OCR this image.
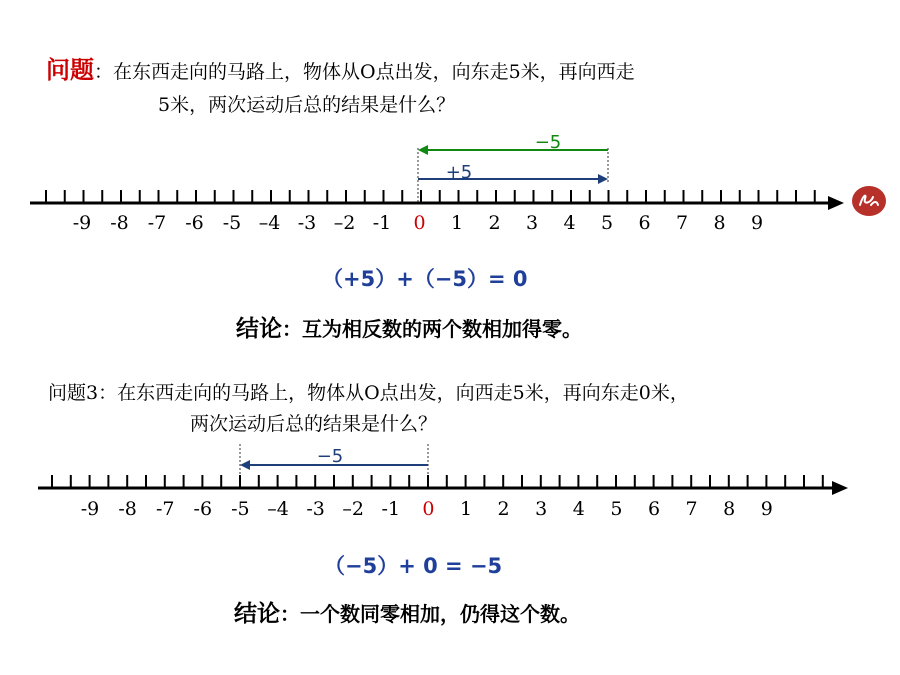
问题：在东西走向的马路上，物体从O点出发，向东走5米，再向西走
5米，两次运动后总的结果是什么？
−5
+5
-9 -8 -7 -6 -5 –4 -3 –2 -1 0 1 2 3 4 5 6 7 8 9
（+5）+（−5）= 0
结论：互为相反数的两个数相加得零。
问题3：在东西走向的马路上，物体从O点出发，向西走5米，再向东走0米，
两次运动后总的结果是什么？
−5
-9 -8 -7 -6 -5 –4 -3 –2 -1 0 1 2 3 4 5 6 7 8 9
（−5）+ 0 = −5
结论：一个数同零相加，仍得这个数。
